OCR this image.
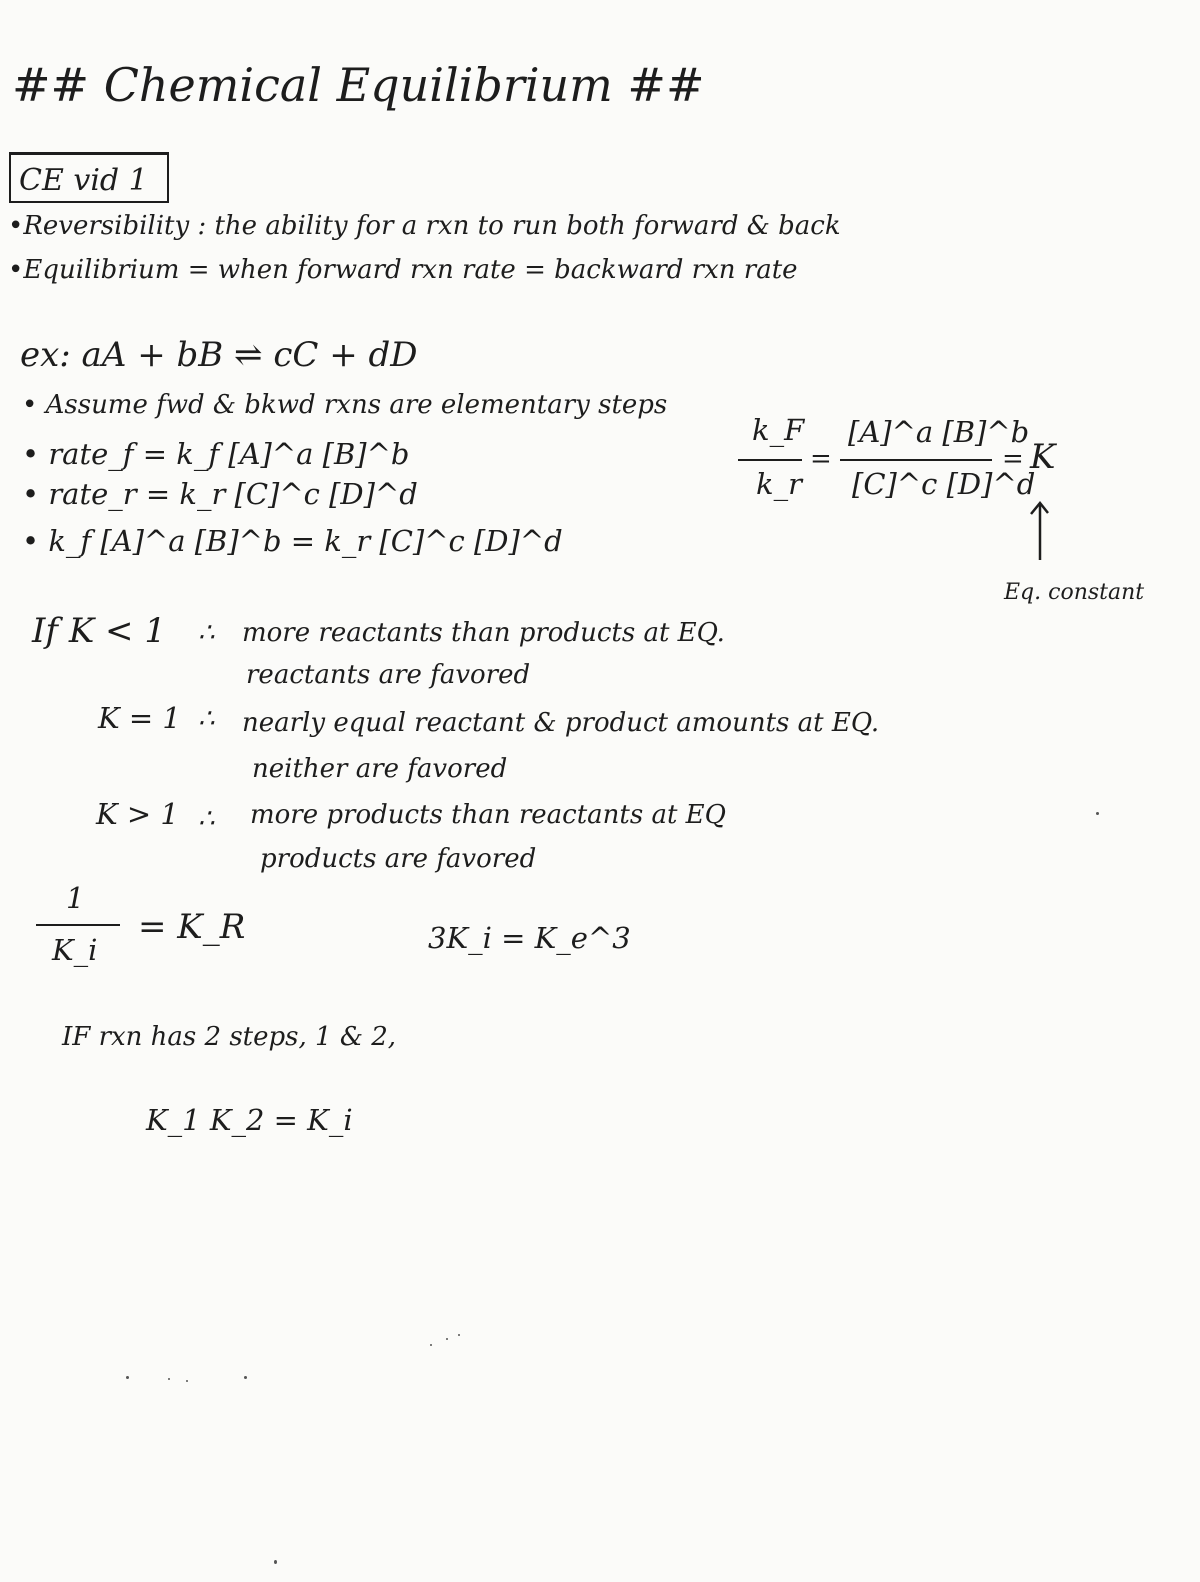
## Chemical Equilibrium ##
CE vid 1
•Reversibility : the ability for a rxn to run both forward & back
•Equilibrium = when forward rxn rate = backward rxn rate
ex: aA + bB ⇌ cC + dD
• Assume fwd & bkwd rxns are elementary steps
• rate_f = k_f [A]^a [B]^b
• rate_r = k_r [C]^c [D]^d
• k_f [A]^a [B]^b = k_r [C]^c [D]^d
k_F
k_r
=
[A]^a [B]^b
[C]^c [D]^d
= K
Eq. constant
If K < 1 ∴ more reactants than products at EQ.
reactants are favored
K = 1 ∴ nearly equal reactant & product amounts at EQ.
neither are favored
K > 1 ∴ more products than reactants at EQ
products are favored
1
K_i
= K_R	3K_i = K_e^3
IF rxn has 2 steps, 1 & 2,
K_1 K_2 = K_i
